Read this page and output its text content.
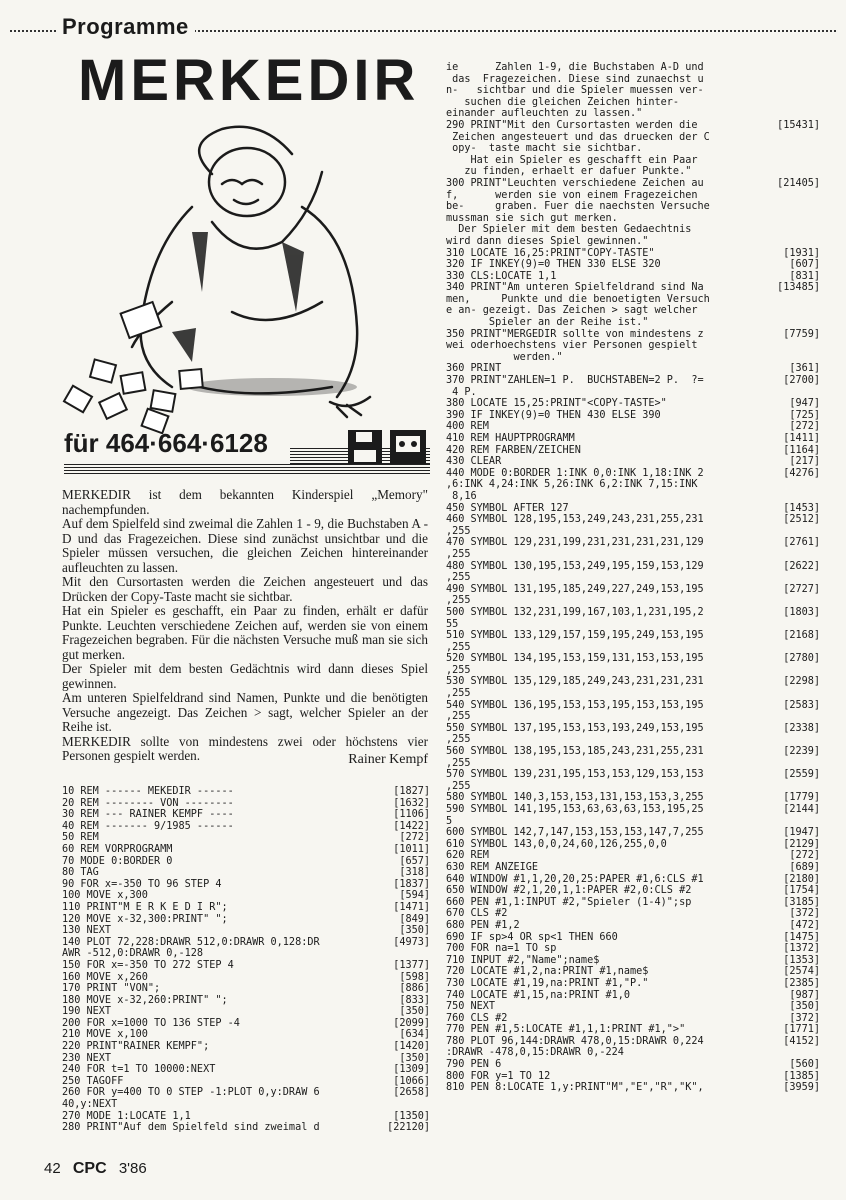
Programme
MERKEDIR
für 464·664·6128

MERKEDIR ist dem bekannten Kinderspiel „Memory" nachempfunden.

Auf dem Spielfeld sind zweimal die Zahlen 1 - 9, die Buchstaben A - D und das Fragezeichen. Diese sind zunächst unsichtbar und die Spieler müssen versuchen, die gleichen Zeichen hintereinander aufleuchten zu lassen.

Mit den Cursortasten werden die Zeichen angesteuert und das Drücken der Copy-Taste macht sie sichtbar.

Hat ein Spieler es geschafft, ein Paar zu finden, erhält er dafür Punkte. Leuchten verschiedene Zeichen auf, werden sie von einem Fragezeichen begraben. Für die nächsten Versuche muß man sie sich gut merken.

Der Spieler mit dem besten Gedächtnis wird dann dieses Spiel gewinnen.

Am unteren Spielfeldrand sind Namen, Punkte und die benötigten Versuche angezeigt. Das Zeichen > sagt, welcher Spieler an der Reihe ist.

MERKEDIR sollte von mindestens zwei oder höchstens vier Personen gespielt werden.	Rainer Kempf
10 REM ------ MEKEDIR ------	[1827]
20 REM -------- VON --------	[1632]
30 REM --- RAINER KEMPF ----	[1106]
40 REM ------- 9/1985 ------	[1422]
50 REM	[272]
60 REM VORPROGRAMM	[1011]
70 MODE 0:BORDER 0	[657]
80 TAG	[318]
90 FOR x=-350 TO 96 STEP 4	[1837]
100 MOVE x,300	[594]
110 PRINT"M E R K E D I R";	[1471]
120 MOVE x-32,300:PRINT" ";	[849]
130 NEXT	[350]
140 PLOT 72,228:DRAWR 512,0:DRAWR 0,128:DR	[4973]
AWR -512,0:DRAWR 0,-128
150 FOR x=-350 TO 272 STEP 4	[1377]
160 MOVE x,260	[598]
170 PRINT "VON";	[886]
180 MOVE x-32,260:PRINT" ";	[833]
190 NEXT	[350]
200 FOR x=1000 TO 136 STEP -4	[2099]
210 MOVE x,100	[634]
220 PRINT"RAINER KEMPF";	[1420]
230 NEXT	[350]
240 FOR t=1 TO 10000:NEXT	[1309]
250 TAGOFF	[1066]
260 FOR y=400 TO 0 STEP -1:PLOT 0,y:DRAW 6	[2658]
40,y:NEXT
270 MODE 1:LOCATE 1,1	[1350]
280 PRINT"Auf dem Spielfeld sind zweimal d	[22120]
ie      Zahlen 1-9, die Buchstaben A-D und
das  Fragezeichen. Diese sind zunaechst u
n-   sichtbar und die Spieler muessen ver-
suchen die gleichen Zeichen hinter-
einander aufleuchten zu lassen."
290 PRINT"Mit den Cursortasten werden die	[15431]
Zeichen angesteuert und das druecken der C
opy-  taste macht sie sichtbar.
Hat ein Spieler es geschafft ein Paar
zu finden, erhaelt er dafuer Punkte."
300 PRINT"Leuchten verschiedene Zeichen au	[21405]
f,      werden sie von einem Fragezeichen
be-     graben. Fuer die naechsten Versuche
mussman sie sich gut merken.
Der Spieler mit dem besten Gedaechtnis
wird dann dieses Spiel gewinnen."
310 LOCATE 16,25:PRINT"COPY-TASTE"	[1931]
320 IF INKEY(9)=0 THEN 330 ELSE 320	[607]
330 CLS:LOCATE 1,1	[831]
340 PRINT"Am unteren Spielfeldrand sind Na	[13485]
men,     Punkte und die benoetigten Versuch
e an- gezeigt. Das Zeichen > sagt welcher
Spieler an der Reihe ist."
350 PRINT"MERGEDIR sollte von mindestens z	[7759]
wei oderhoechstens vier Personen gespielt
werden."
360 PRINT	[361]
370 PRINT"ZAHLEN=1 P.  BUCHSTABEN=2 P.  ?=	[2700]
4 P.
380 LOCATE 15,25:PRINT"<COPY-TASTE>"	[947]
390 IF INKEY(9)=0 THEN 430 ELSE 390	[725]
400 REM	[272]
410 REM HAUPTPROGRAMM	[1411]
420 REM FARBEN/ZEICHEN	[1164]
430 CLEAR	[217]
440 MODE 0:BORDER 1:INK 0,0:INK 1,18:INK 2	[4276]
,6:INK 4,24:INK 5,26:INK 6,2:INK 7,15:INK
8,16
450 SYMBOL AFTER 127	[1453]
460 SYMBOL 128,195,153,249,243,231,255,231	[2512]
,255
470 SYMBOL 129,231,199,231,231,231,231,129	[2761]
,255
480 SYMBOL 130,195,153,249,195,159,153,129	[2622]
,255
490 SYMBOL 131,195,185,249,227,249,153,195	[2727]
,255
500 SYMBOL 132,231,199,167,103,1,231,195,2	[1803]
55
510 SYMBOL 133,129,157,159,195,249,153,195	[2168]
,255
520 SYMBOL 134,195,153,159,131,153,153,195	[2780]
,255
530 SYMBOL 135,129,185,249,243,231,231,231	[2298]
,255
540 SYMBOL 136,195,153,153,195,153,153,195	[2583]
,255
550 SYMBOL 137,195,153,153,193,249,153,195	[2338]
,255
560 SYMBOL 138,195,153,185,243,231,255,231	[2239]
,255
570 SYMBOL 139,231,195,153,153,129,153,153	[2559]
,255
580 SYMBOL 140,3,153,153,131,153,153,3,255	[1779]
590 SYMBOL 141,195,153,63,63,63,153,195,25	[2144]
5
600 SYMBOL 142,7,147,153,153,153,147,7,255	[1947]
610 SYMBOL 143,0,0,24,60,126,255,0,0	[2129]
620 REM	[272]
630 REM ANZEIGE	[689]
640 WINDOW #1,1,20,20,25:PAPER #1,6:CLS #1	[2180]
650 WINDOW #2,1,20,1,1:PAPER #2,0:CLS #2	[1754]
660 PEN #1,1:INPUT #2,"Spieler (1-4)";sp	[3185]
670 CLS #2	[372]
680 PEN #1,2	[472]
690 IF sp>4 OR sp<1 THEN 660	[1475]
700 FOR na=1 TO sp	[1372]
710 INPUT #2,"Name";name$	[1353]
720 LOCATE #1,2,na:PRINT #1,name$	[2574]
730 LOCATE #1,19,na:PRINT #1,"P."	[2385]
740 LOCATE #1,15,na:PRINT #1,0	[987]
750 NEXT	[350]
760 CLS #2	[372]
770 PEN #1,5:LOCATE #1,1,1:PRINT #1,">"	[1771]
780 PLOT 96,144:DRAWR 478,0,15:DRAWR 0,224	[4152]
:DRAWR -478,0,15:DRAWR 0,-224
790 PEN 6	[560]
800 FOR y=1 TO 12	[1385]
810 PEN 8:LOCATE 1,y:PRINT"M","E","R","K",	[3959]
42 CPC 3'86
